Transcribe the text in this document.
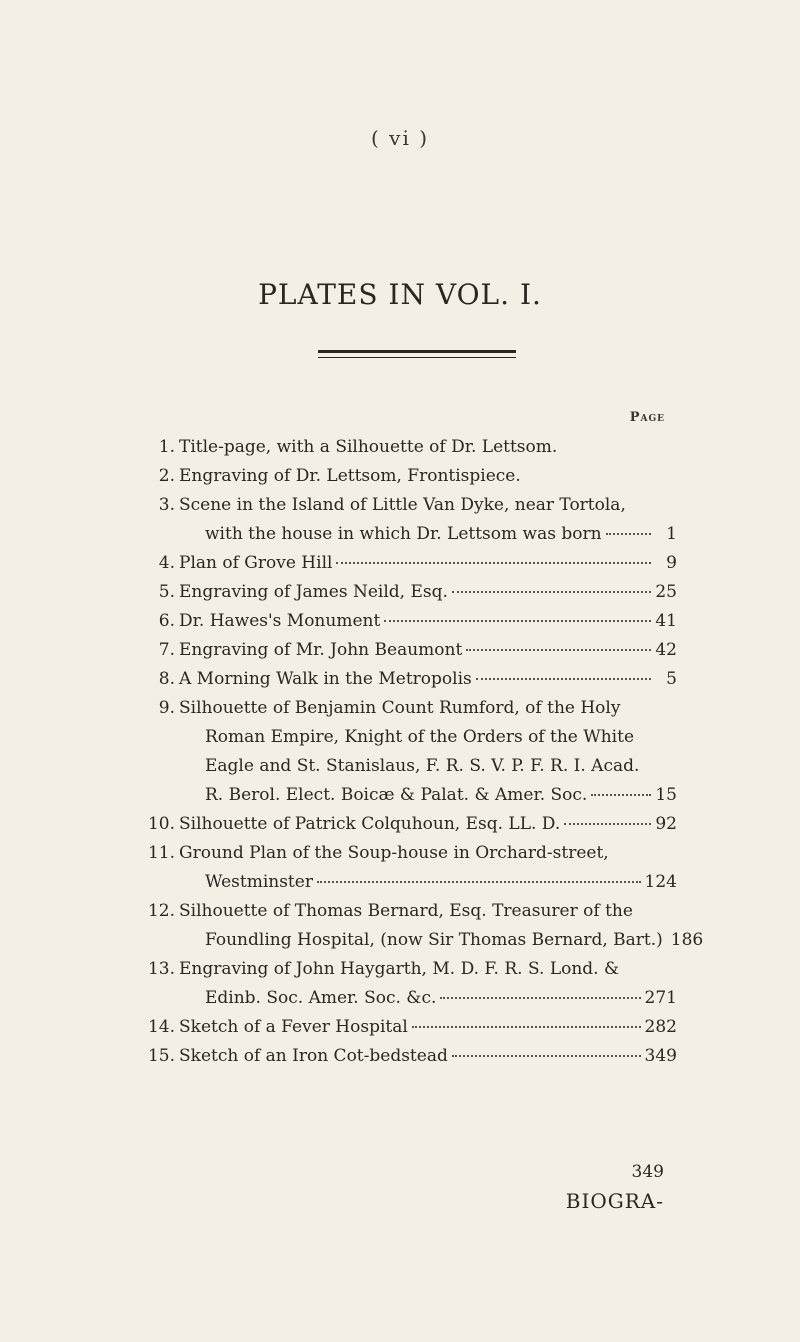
( vi )
PLATES IN VOL. I.
Page
1. Title-page, with a Silhouette of Dr. Lettsom.
2. Engraving of Dr. Lettsom, Frontispiece.
3. Scene in the Island of Little Van Dyke, near Tortola,
with the house in which Dr. Lettsom was born	1
4. Plan of Grove Hill	9
5. Engraving of James Neild, Esq.	25
6. Dr. Hawes's Monument	41
7. Engraving of Mr. John Beaumont	42
8. A Morning Walk in the Metropolis	5
9. Silhouette of Benjamin Count Rumford, of the Holy
Roman Empire, Knight of the Orders of the White
Eagle and St. Stanislaus, F. R. S. V. P. F. R. I. Acad.
R. Berol. Elect. Boicæ & Palat. & Amer. Soc.	15
10. Silhouette of Patrick Colquhoun, Esq. LL. D.	92
11. Ground Plan of the Soup-house in Orchard-street,
Westminster	124
12. Silhouette of Thomas Bernard, Esq. Treasurer of the
Foundling Hospital, (now Sir Thomas Bernard, Bart.) 186
13. Engraving of John Haygarth, M. D. F. R. S. Lond. &
Edinb. Soc. Amer. Soc. &c.	271
14. Sketch of a Fever Hospital	282
15. Sketch of an Iron Cot-bedstead	349
349
BIOGRA-
